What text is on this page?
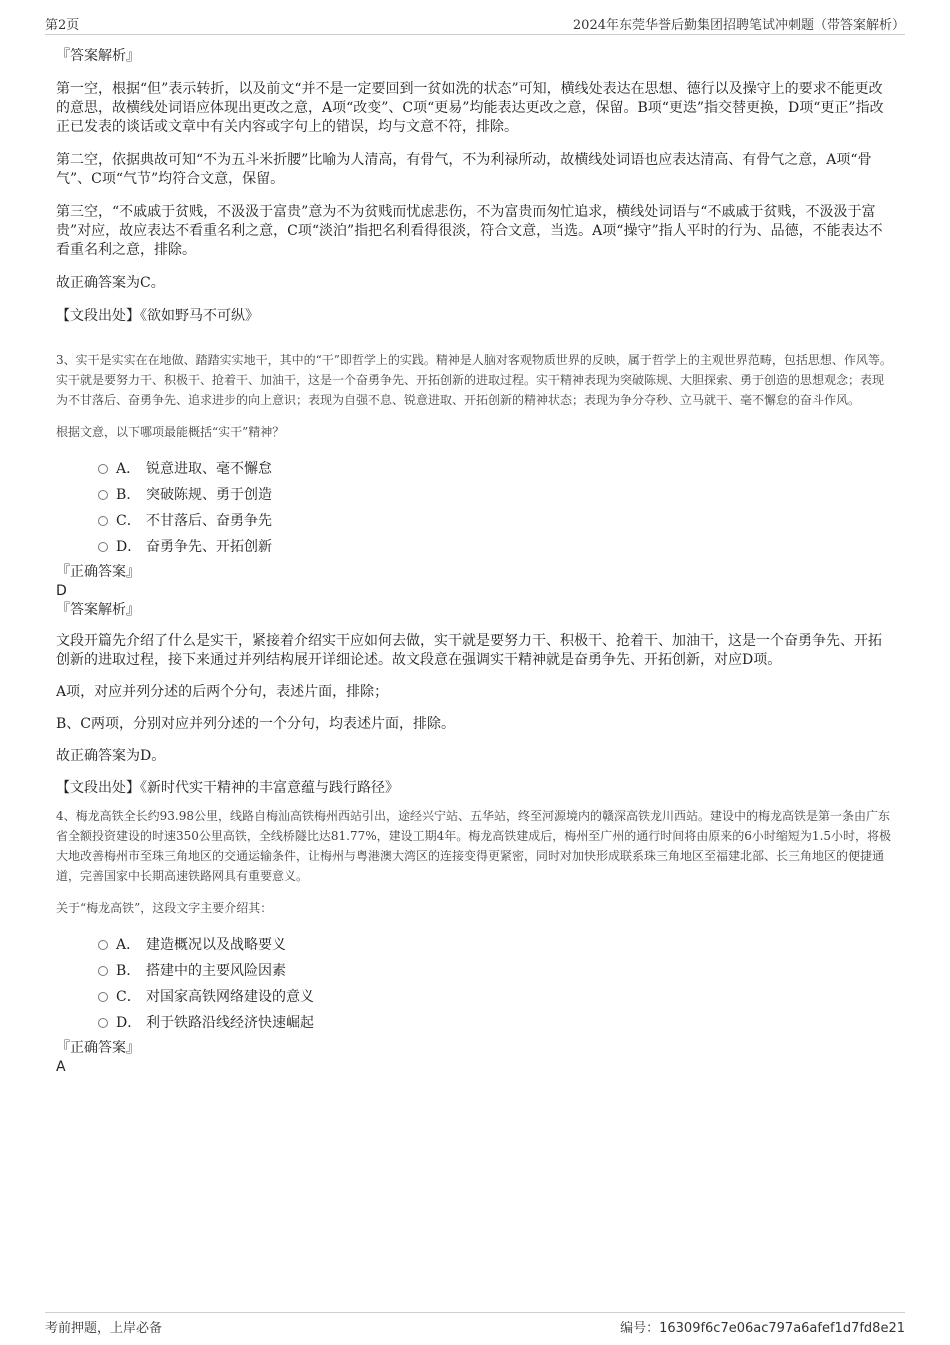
第2页	2024年东莞华誉后勤集团招聘笔试冲刺题（带答案解析）

『答案解析』

第一空，根据“但”表示转折，以及前文“并不是一定要回到一贫如洗的状态”可知，横线处表达在思想、德行以及操守上的要求不能更改的意思，故横线处词语应体现出更改之意，A项“改变”、C项“更易”均能表达更改之意，保留。B项“更迭”指交替更换，D项“更正”指改正已发表的谈话或文章中有关内容或字句上的错误，均与文意不符，排除。

第二空，依据典故可知“不为五斗米折腰”比喻为人清高，有骨气，不为利禄所动，故横线处词语也应表达清高、有骨气之意，A项“骨气”、C项“气节”均符合文意，保留。

第三空，“不戚戚于贫贱，不汲汲于富贵”意为不为贫贱而忧虑悲伤，不为富贵而匆忙追求，横线处词语与“不戚戚于贫贱，不汲汲于富贵”对应，故应表达不看重名利之意，C项“淡泊”指把名利看得很淡，符合文意，当选。A项“操守”指人平时的行为、品德，不能表达不看重名利之意，排除。

故正确答案为C。

【文段出处】《欲如野马不可纵》

3、实干是实实在在地做、踏踏实实地干，其中的“干”即哲学上的实践。精神是人脑对客观物质世界的反映，属于哲学上的主观世界范畴，包括思想、作风等。实干就是要努力干、积极干、抢着干、加油干，这是一个奋勇争先、开拓创新的进取过程。实干精神表现为突破陈规、大胆探索、勇于创造的思想观念；表现为不甘落后、奋勇争先、追求进步的向上意识；表现为自强不息、锐意进取、开拓创新的精神状态；表现为争分夺秒、立马就干、毫不懈怠的奋斗作风。

根据文意，以下哪项最能概括“实干”精神？

A． 锐意进取、毫不懈怠
B. 突破陈规、勇于创造
C． 不甘落后、奋勇争先
D． 奋勇争先、开拓创新

『正确答案』

D

『答案解析』

文段开篇先介绍了什么是实干，紧接着介绍实干应如何去做，实干就是要努力干、积极干、抢着干、加油干，这是一个奋勇争先、开拓创新的进取过程，接下来通过并列结构展开详细论述。故文段意在强调实干精神就是奋勇争先、开拓创新，对应D项。

A项，对应并列分述的后两个分句，表述片面，排除；

B、C两项，分别对应并列分述的一个分句，均表述片面，排除。

故正确答案为D。

【文段出处】《新时代实干精神的丰富意蕴与践行路径》

4、梅龙高铁全长约93.98公里，线路自梅汕高铁梅州西站引出，途经兴宁站、五华站，终至河源境内的赣深高铁龙川西站。建设中的梅龙高铁是第一条由广东省全额投资建设的时速350公里高铁，全线桥隧比达81.77%，建设工期4年。梅龙高铁建成后，梅州至广州的通行时间将由原来的6小时缩短为1.5小时，将极大地改善梅州市至珠三角地区的交通运输条件，让梅州与粤港澳大湾区的连接变得更紧密，同时对加快形成联系珠三角地区至福建北部、长三角地区的便捷通道，完善国家中长期高速铁路网具有重要意义。

关于“梅龙高铁”，这段文字主要介绍其：

A． 建造概况以及战略要义
B. 搭建中的主要风险因素
C． 对国家高铁网络建设的意义
D． 利于铁路沿线经济快速崛起

『正确答案』

A

考前押题，上岸必备	编号：16309f6c7e06ac797a6afef1d7fd8e21
